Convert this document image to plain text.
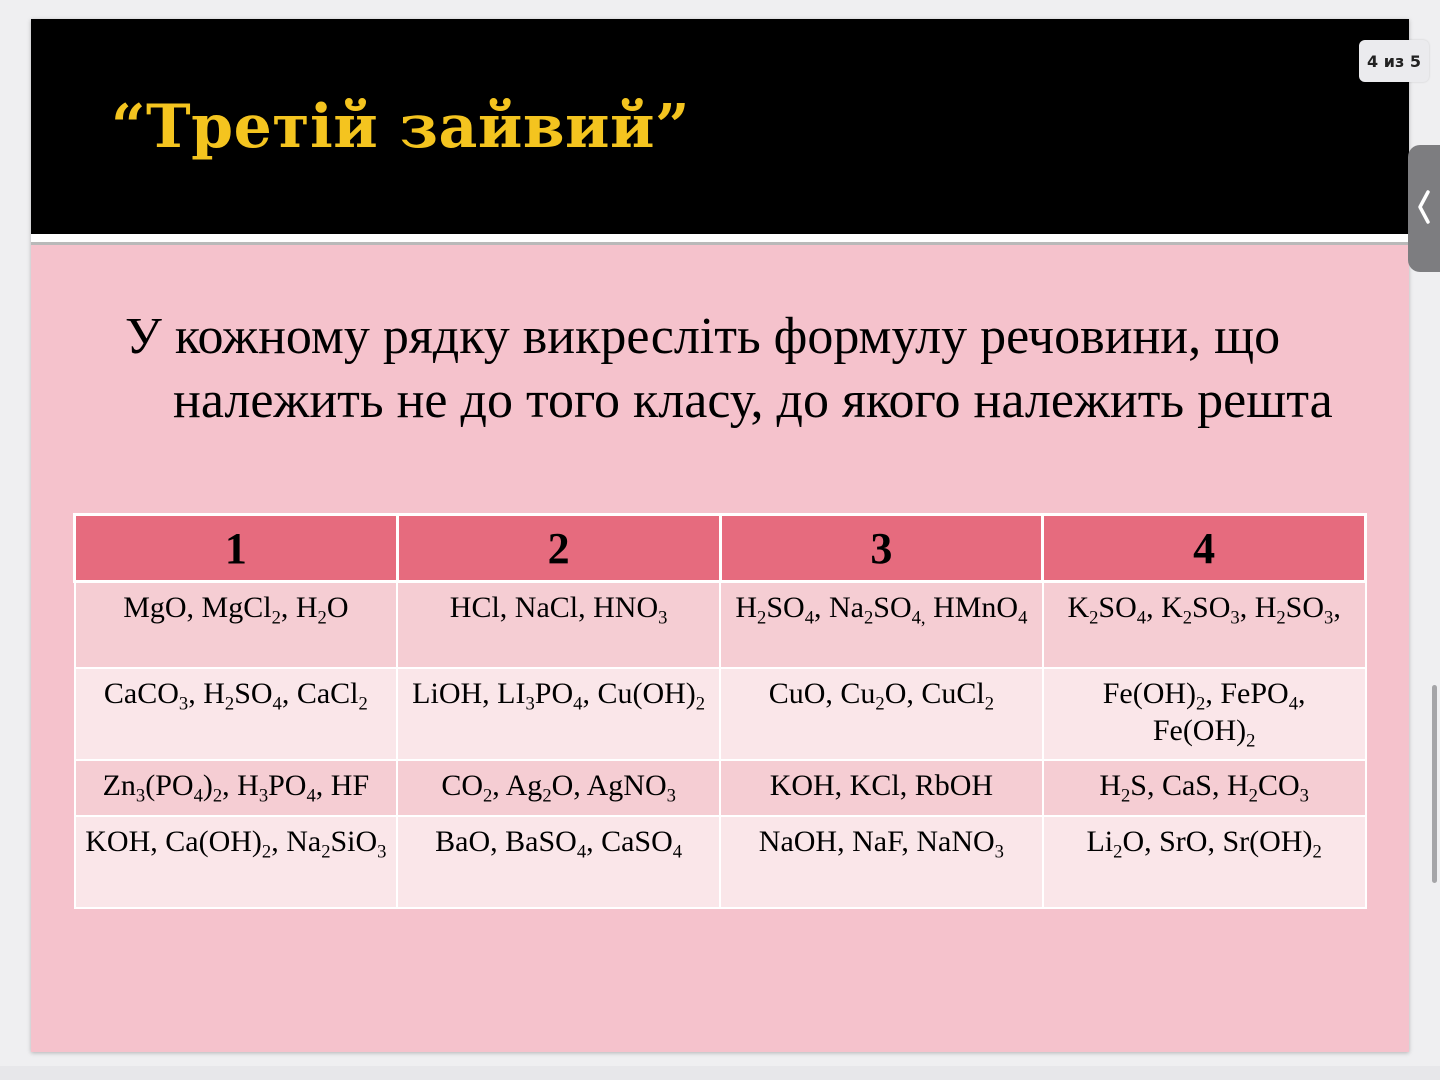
“Третій зайвий”

У кожному рядку викресліть формулу речовини, що належить не до того класу, до якого належить решта

1	2	3	4
MgO, MgCl$_2$, $H_2O$	HCl, NaCl, $HNO_3$	$H_2SO_4$, $Na_2SO_{4,}$ HMnO$_4$	$K_2SO_4$, $K_2SO_3$, $H_2SO_3$,
CaCO$_3$, $H_2SO_4$, CaCl$_2$	LiOH, $LI_3PO_4$, $Cu(OH)_2$	CuO, $Cu_2O$, CuCl$_2$	$Fe(OH)_2$, FePO$_4$, $Fe(OH)_2$
$Zn_3(PO_4)_2$, $H_3PO_4$, HF	$CO_2$, $Ag_2O$, AgNO$_3$	KOH, KCl, RbOH	$H_2S$, CaS, $H_2CO_3$
KOH, $Ca(OH)_2$, $Na_2SiO_3$	BaO, BaSO$_4$, CaSO$_4$	NaOH, NaF, NaNO$_3$	$Li_2O$, SrO, $Sr(OH)_2$
4 из 5
